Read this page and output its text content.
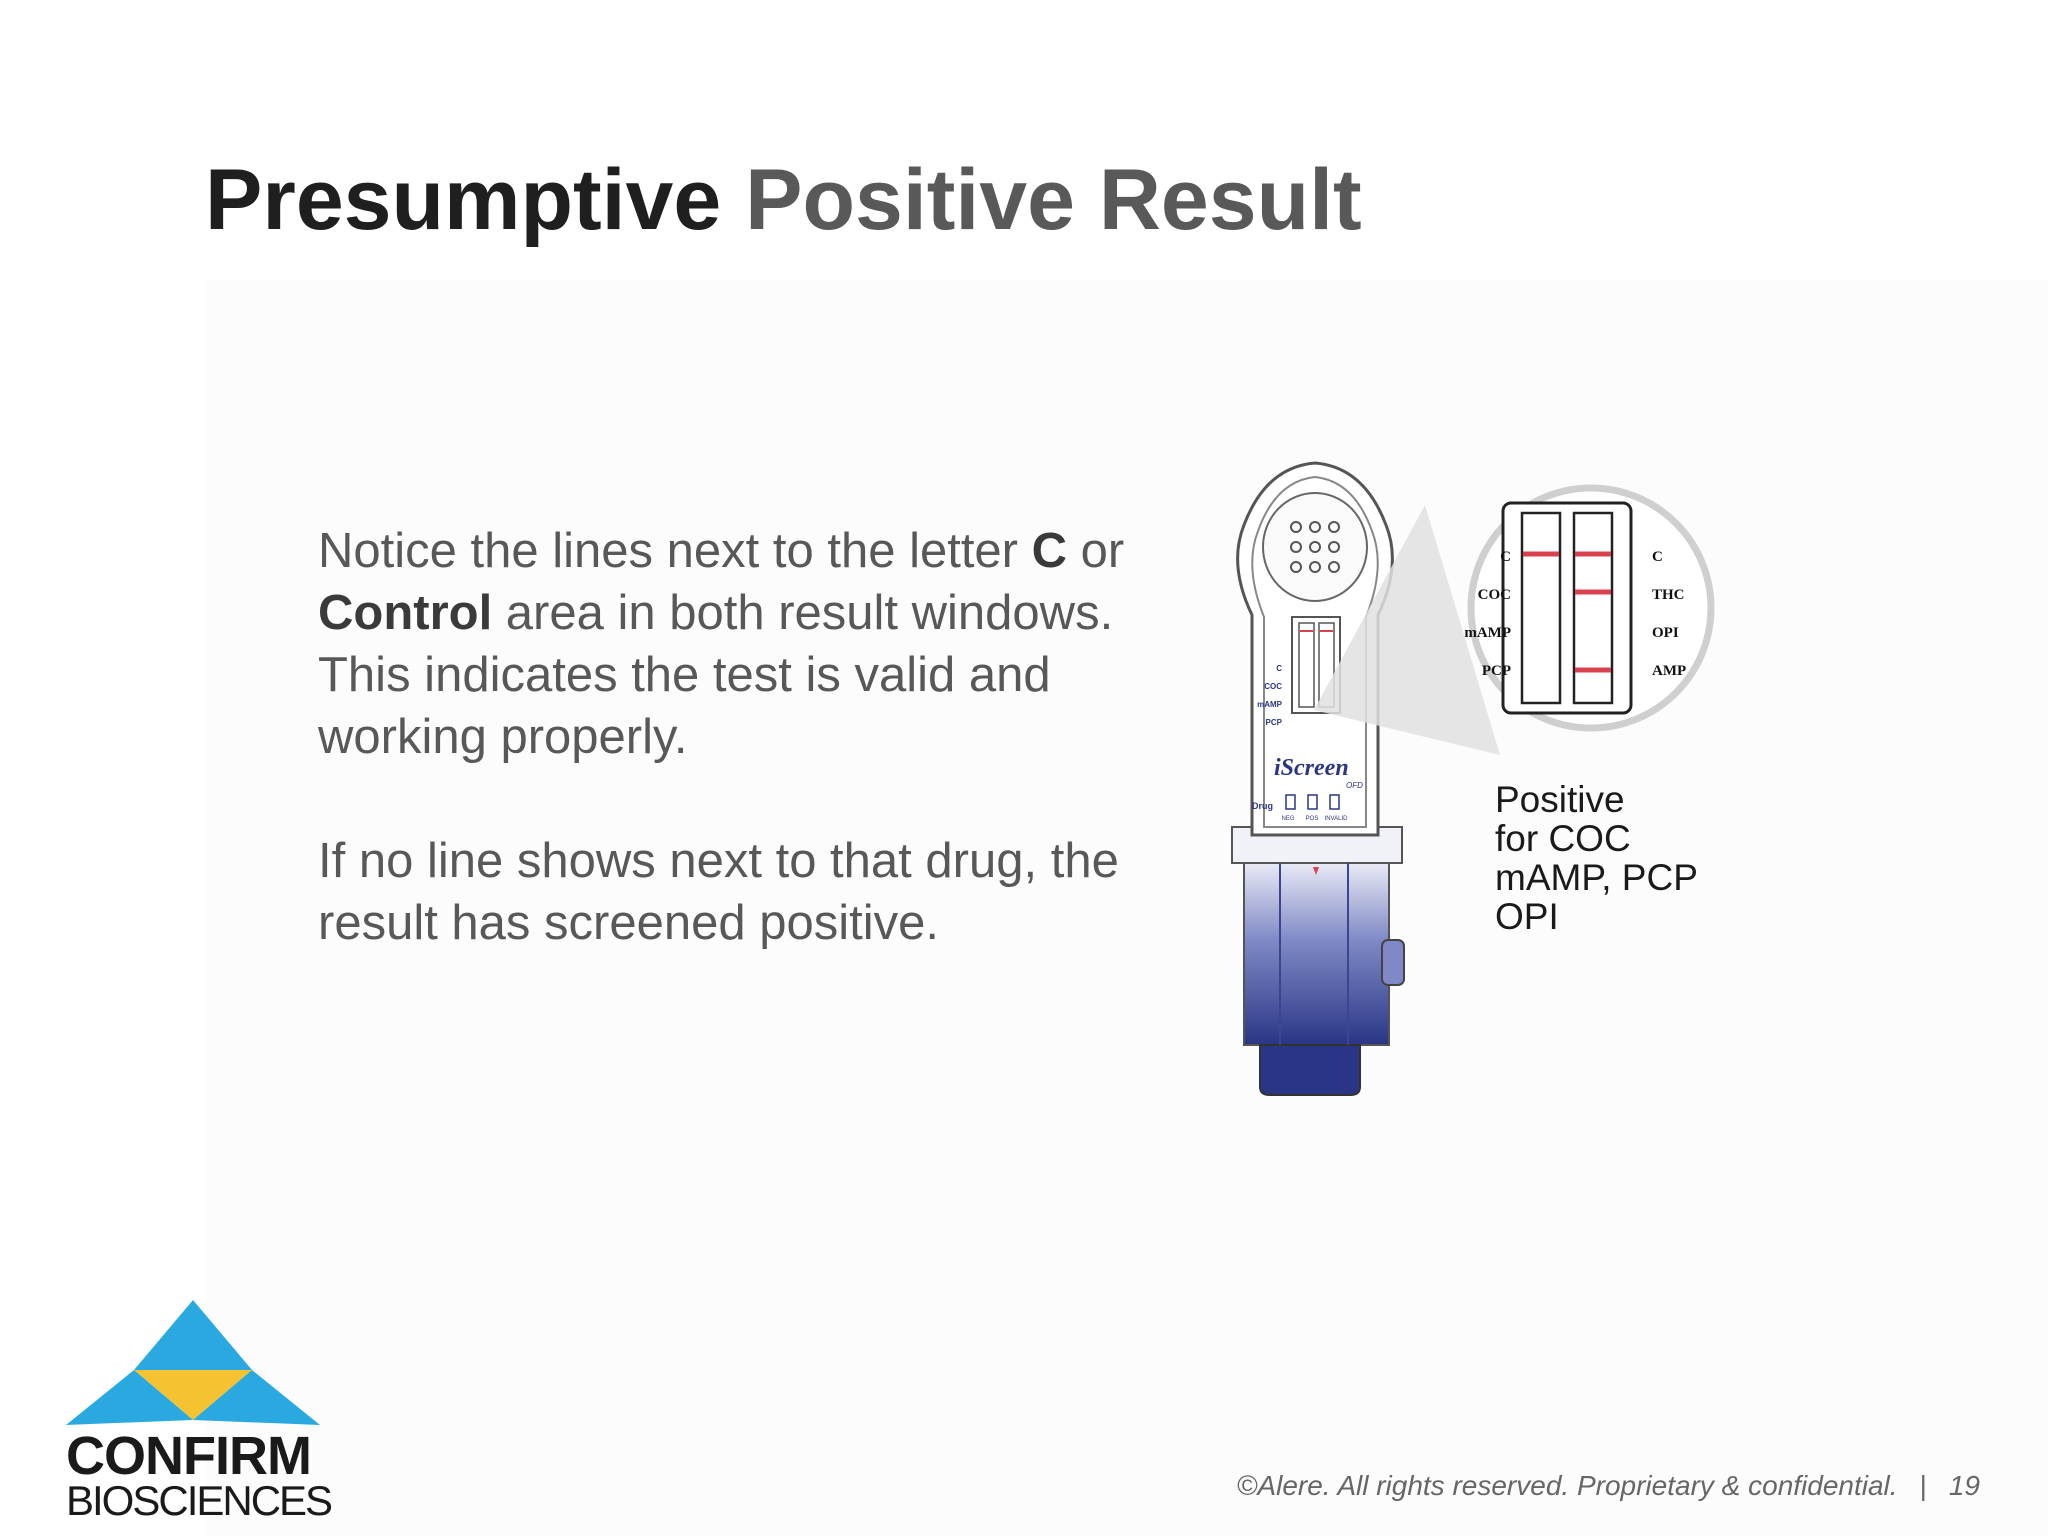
Presumptive Positive Result

Notice the lines next to the letter C or Control area in both result windows. This indicates the test is valid and working properly.

If no line shows next to that drug, the result has screened positive.

C
COC
mAMP
PCP
iScreen
OFD
Drug
NEG POS INVALID
C
COC
mAMP
PCP
C
THC
OPI
AMP
Positive
for COC
mAMP, PCP
OPI
CONFIRM
BIOSCIENCES	©Alere. All rights reserved. Proprietary & confidential. | 19
